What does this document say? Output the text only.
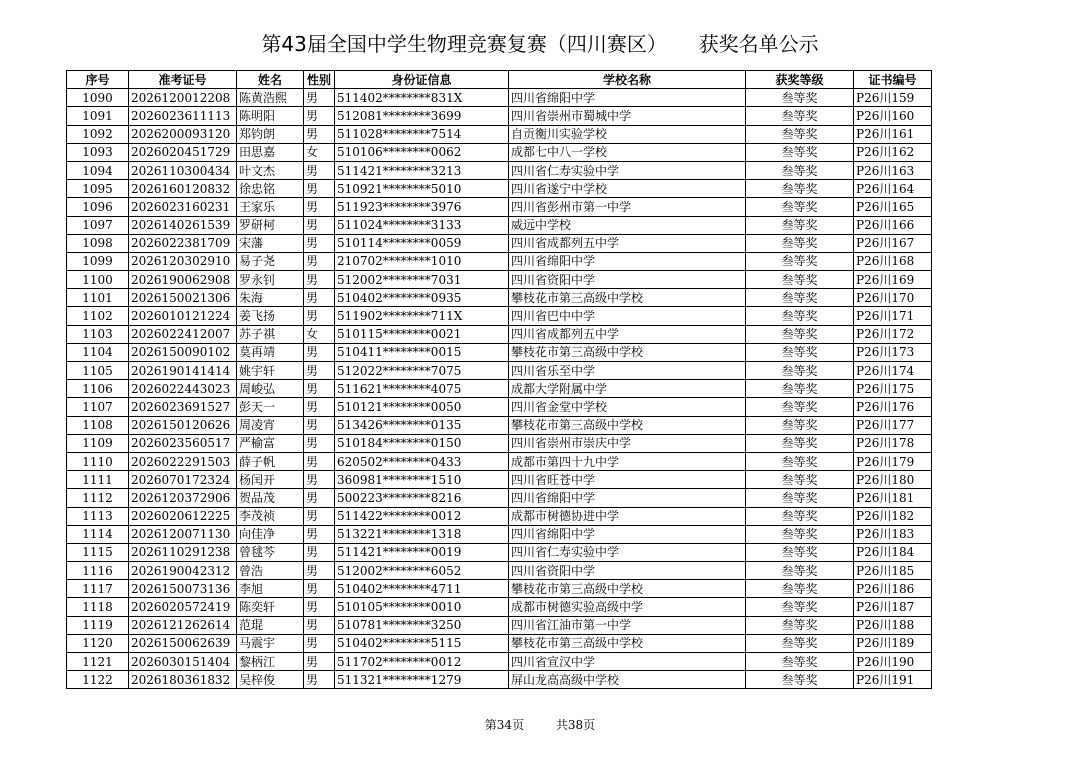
第43届全国中学生物理竞赛复赛（四川赛区）     获奖名单公示
序号	准考证号	姓名	性别	身份证信息	学校名称	获奖等级	证书编号
1090	2026120012208	陈黄浩熙	男	511402********831X	四川省绵阳中学	叁等奖	P26川159
1091	2026023611113	陈明阳	男	512081********3699	四川省崇州市蜀城中学	叁等奖	P26川160
1092	2026200093120	郑钧朗	男	511028********7514	自贡衡川实验学校	叁等奖	P26川161
1093	2026020451729	田思嘉	女	510106********0062	成都七中八一学校	叁等奖	P26川162
1094	2026110300434	叶文杰	男	511421********3213	四川省仁寿实验中学	叁等奖	P26川163
1095	2026160120832	徐忠铭	男	510921********5010	四川省遂宁中学校	叁等奖	P26川164
1096	2026023160231	王家乐	男	511923********3976	四川省彭州市第一中学	叁等奖	P26川165
1097	2026140261539	罗研柯	男	511024********3133	威远中学校	叁等奖	P26川166
1098	2026022381709	宋藩	男	510114********0059	四川省成都列五中学	叁等奖	P26川167
1099	2026120302910	易子尧	男	210702********1010	四川省绵阳中学	叁等奖	P26川168
1100	2026190062908	罗永钊	男	512002********7031	四川省资阳中学	叁等奖	P26川169
1101	2026150021306	朱海	男	510402********0935	攀枝花市第三高级中学校	叁等奖	P26川170
1102	2026010121224	姜飞扬	男	511902********711X	四川省巴中中学	叁等奖	P26川171
1103	2026022412007	苏子祺	女	510115********0021	四川省成都列五中学	叁等奖	P26川172
1104	2026150090102	莫再靖	男	510411********0015	攀枝花市第三高级中学校	叁等奖	P26川173
1105	2026190141414	姚宇轩	男	512022********7075	四川省乐至中学	叁等奖	P26川174
1106	2026022443023	周峻弘	男	511621********4075	成都大学附属中学	叁等奖	P26川175
1107	2026023691527	彭天一	男	510121********0050	四川省金堂中学校	叁等奖	P26川176
1108	2026150120626	周凌宵	男	513426********0135	攀枝花市第三高级中学校	叁等奖	P26川177
1109	2026023560517	严榆富	男	510184********0150	四川省崇州市崇庆中学	叁等奖	P26川178
1110	2026022291503	薛子帆	男	620502********0433	成都市第四十九中学	叁等奖	P26川179
1111	2026070172324	杨闰开	男	360981********1510	四川省旺苍中学	叁等奖	P26川180
1112	2026120372906	贺品茂	男	500223********8216	四川省绵阳中学	叁等奖	P26川181
1113	2026020612225	李茂祯	男	511422********0012	成都市树德协进中学	叁等奖	P26川182
1114	2026120071130	向佳净	男	513221********1318	四川省绵阳中学	叁等奖	P26川183
1115	2026110291238	曾毬芩	男	511421********0019	四川省仁寿实验中学	叁等奖	P26川184
1116	2026190042312	曾浩	男	512002********6052	四川省资阳中学	叁等奖	P26川185
1117	2026150073136	李旭	男	510402********4711	攀枝花市第三高级中学校	叁等奖	P26川186
1118	2026020572419	陈奕轩	男	510105********0010	成都市树德实验高级中学	叁等奖	P26川187
1119	2026121262614	范琨	男	510781********3250	四川省江油市第一中学	叁等奖	P26川188
1120	2026150062639	马震宇	男	510402********5115	攀枝花市第三高级中学校	叁等奖	P26川189
1121	2026030151404	黎柄江	男	511702********0012	四川省宣汉中学	叁等奖	P26川190
1122	2026180361832	吴梓俊	男	511321********1279	屏山龙高高级中学校	叁等奖	P26川191
第34页	共38页
